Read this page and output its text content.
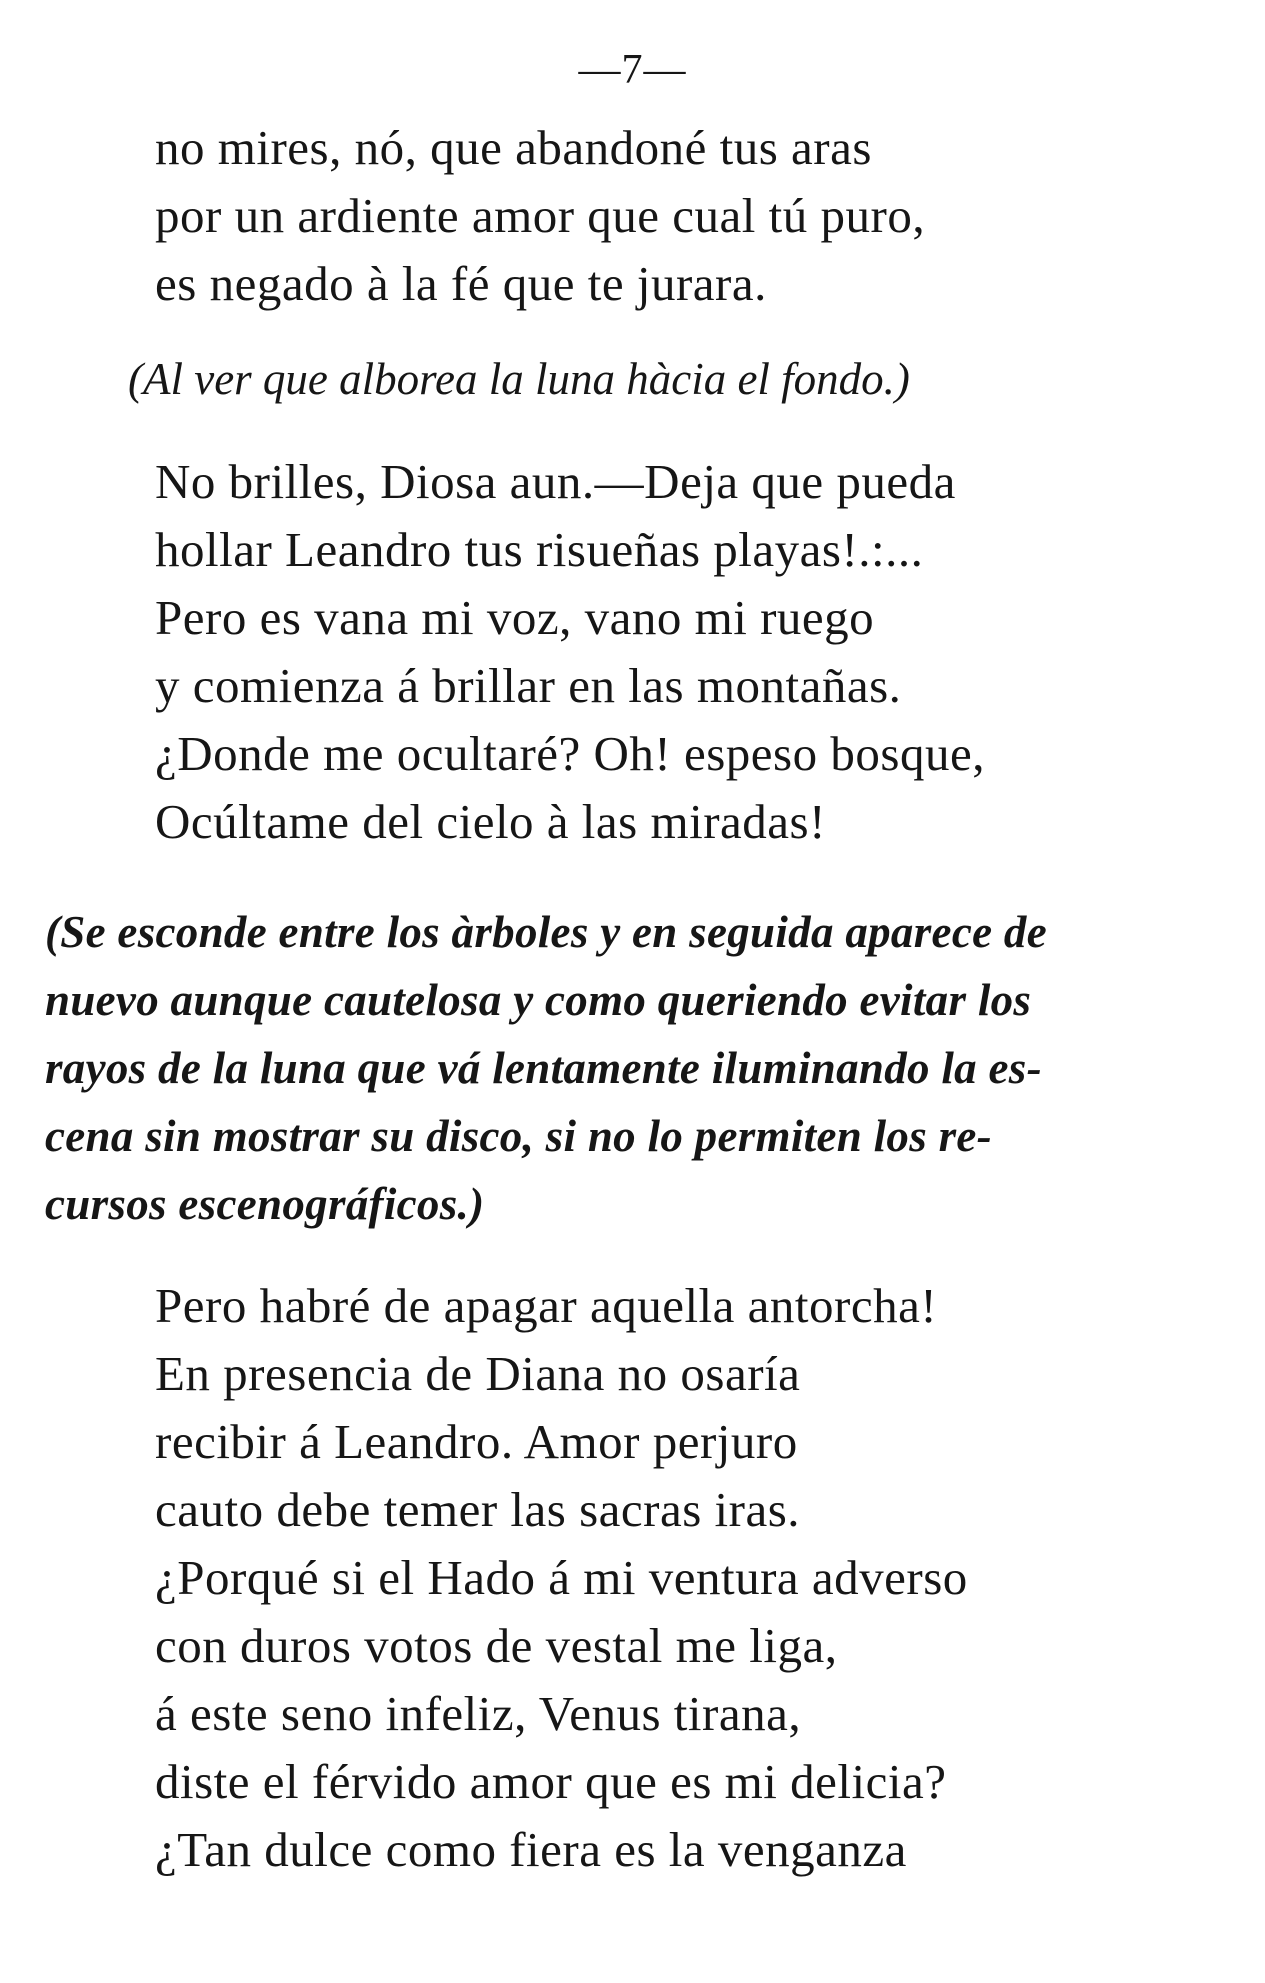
—7—
no mires, nó, que abandoné tus aras
por un ardiente amor que cual tú puro,
es negado à la fé que te jurara.
(Al ver que alborea la luna hàcia el fondo.)
No brilles, Diosa aun.—Deja que pueda
hollar Leandro tus risueñas playas!.:...
Pero es vana mi voz, vano mi ruego
y comienza á brillar en las montañas.
¿Donde me ocultaré? Oh! espeso bosque,
Ocúltame del cielo à las miradas!
(Se esconde entre los àrboles y en seguida aparece de
nuevo aunque cautelosa y como queriendo evitar los
rayos de la luna que vá lentamente iluminando la es-
cena sin mostrar su disco, si no lo permiten los re-
cursos escenográficos.)
Pero habré de apagar aquella antorcha!
En presencia de Diana no osaría
recibir á Leandro. Amor perjuro
cauto debe temer las sacras iras.
¿Porqué si el Hado á mi ventura adverso
con duros votos de vestal me liga,
á este seno infeliz, Venus tirana,
diste el férvido amor que es mi delicia?
¿Tan dulce como fiera es la venganza
